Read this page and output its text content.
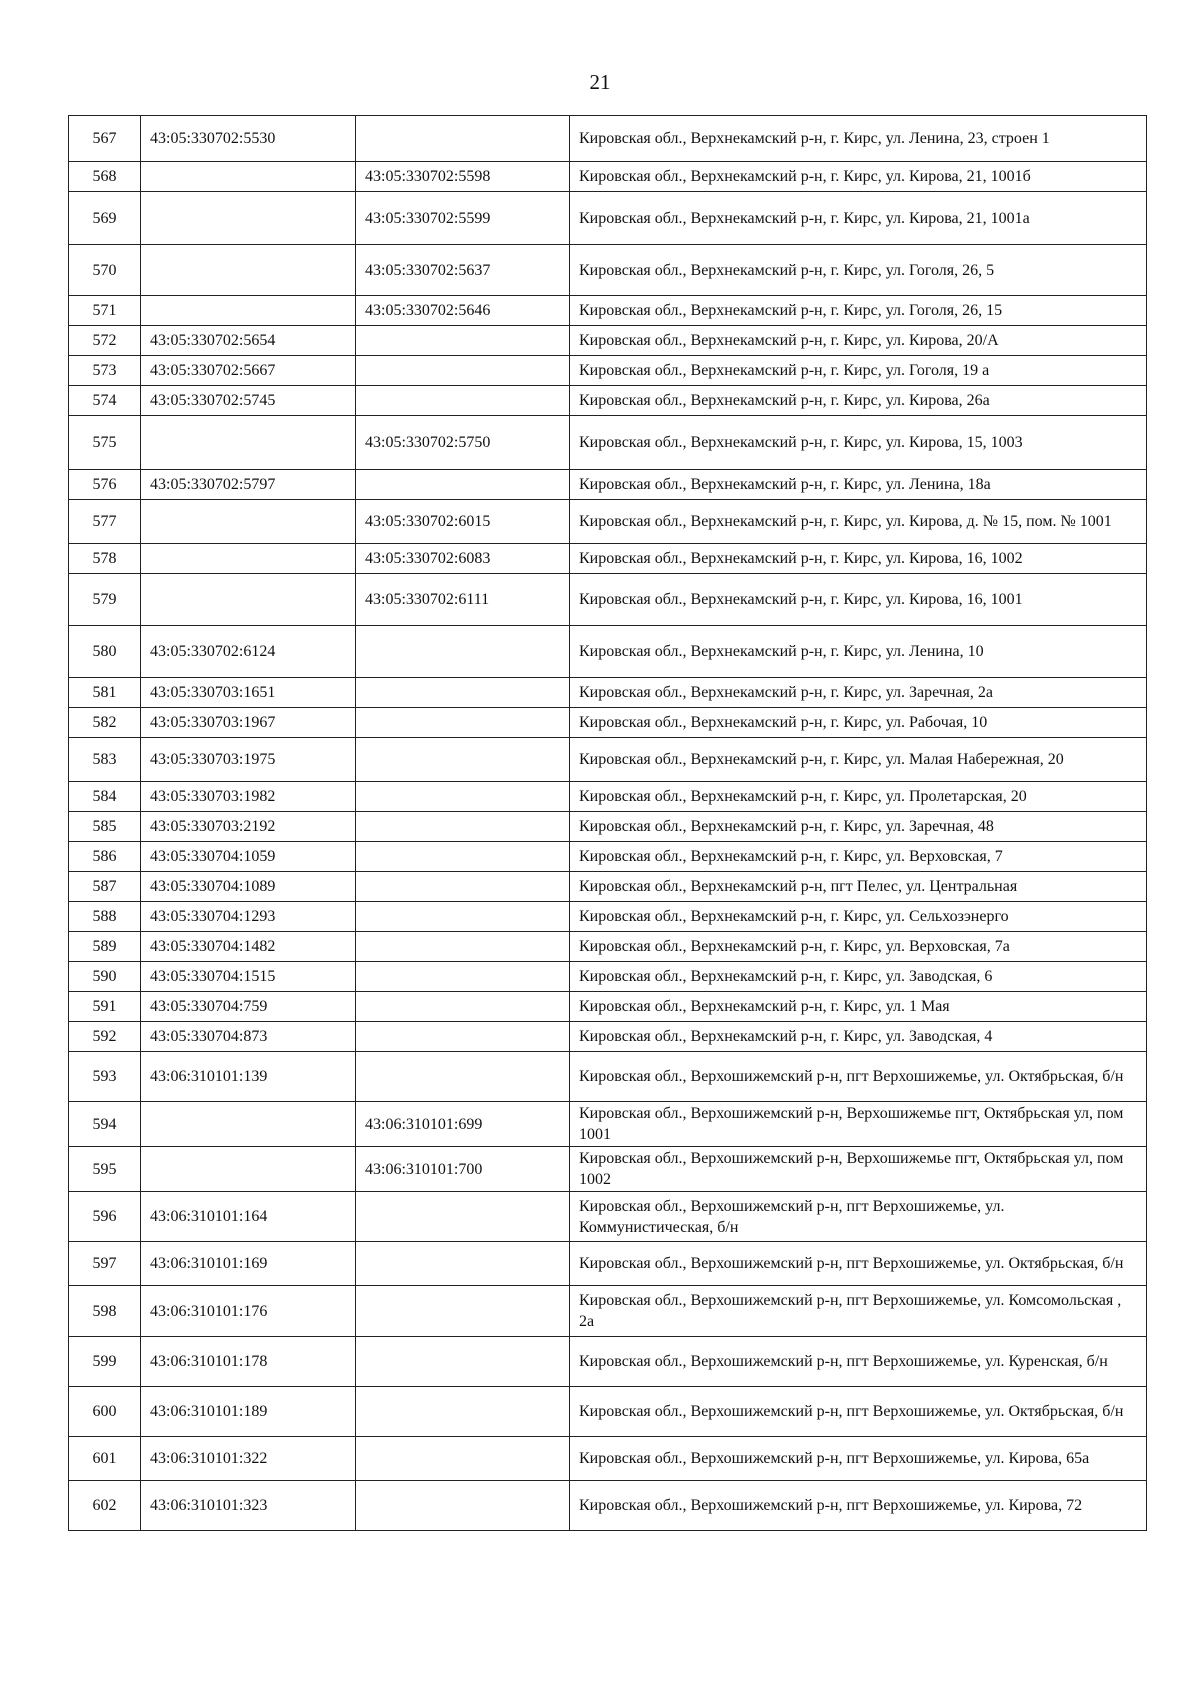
21
567	43:05:330702:5530		Кировская обл., Верхнекамский р-н, г. Кирс, ул. Ленина, 23, строен 1
568		43:05:330702:5598	Кировская обл., Верхнекамский р-н, г. Кирс, ул. Кирова, 21, 1001б
569		43:05:330702:5599	Кировская обл., Верхнекамский р-н, г. Кирс, ул. Кирова, 21, 1001а
570		43:05:330702:5637	Кировская обл., Верхнекамский р-н, г. Кирс, ул. Гоголя, 26, 5
571		43:05:330702:5646	Кировская обл., Верхнекамский р-н, г. Кирс, ул. Гоголя, 26, 15
572	43:05:330702:5654		Кировская обл., Верхнекамский р-н, г. Кирс, ул. Кирова, 20/А
573	43:05:330702:5667		Кировская обл., Верхнекамский р-н, г. Кирс, ул. Гоголя, 19 а
574	43:05:330702:5745		Кировская обл., Верхнекамский р-н, г. Кирс, ул. Кирова, 26а
575		43:05:330702:5750	Кировская обл., Верхнекамский р-н, г. Кирс, ул. Кирова, 15, 1003
576	43:05:330702:5797		Кировская обл., Верхнекамский р-н, г. Кирс, ул. Ленина, 18а
577		43:05:330702:6015	Кировская обл., Верхнекамский р-н, г. Кирс, ул. Кирова, д. № 15, пом. № 1001
578		43:05:330702:6083	Кировская обл., Верхнекамский р-н, г. Кирс, ул. Кирова, 16, 1002
579		43:05:330702:6111	Кировская обл., Верхнекамский р-н, г. Кирс, ул. Кирова, 16, 1001
580	43:05:330702:6124		Кировская обл., Верхнекамский р-н, г. Кирс, ул. Ленина, 10
581	43:05:330703:1651		Кировская обл., Верхнекамский р-н, г. Кирс, ул. Заречная, 2а
582	43:05:330703:1967		Кировская обл., Верхнекамский р-н, г. Кирс, ул. Рабочая, 10
583	43:05:330703:1975		Кировская обл., Верхнекамский р-н, г. Кирс, ул. Малая Набережная, 20
584	43:05:330703:1982		Кировская обл., Верхнекамский р-н, г. Кирс, ул. Пролетарская, 20
585	43:05:330703:2192		Кировская обл., Верхнекамский р-н, г. Кирс, ул. Заречная, 48
586	43:05:330704:1059		Кировская обл., Верхнекамский р-н, г. Кирс, ул. Верховская, 7
587	43:05:330704:1089		Кировская обл., Верхнекамский р-н, пгт Пелес, ул. Центральная
588	43:05:330704:1293		Кировская обл., Верхнекамский р-н, г. Кирс, ул. Сельхозэнерго
589	43:05:330704:1482		Кировская обл., Верхнекамский р-н, г. Кирс, ул. Верховская, 7а
590	43:05:330704:1515		Кировская обл., Верхнекамский р-н, г. Кирс, ул. Заводская, 6
591	43:05:330704:759		Кировская обл., Верхнекамский р-н, г. Кирс, ул. 1 Мая
592	43:05:330704:873		Кировская обл., Верхнекамский р-н, г. Кирс, ул. Заводская, 4
593	43:06:310101:139		Кировская обл., Верхошижемский р-н, пгт Верхошижемье, ул. Октябрьская, б/н
594		43:06:310101:699	Кировская обл., Верхошижемский р-н, Верхошижемье пгт, Октябрьская ул, пом 1001
595		43:06:310101:700	Кировская обл., Верхошижемский р-н, Верхошижемье пгт, Октябрьская ул, пом 1002
596	43:06:310101:164		Кировская обл., Верхошижемский р-н, пгт Верхошижемье, ул. Коммунистическая, б/н
597	43:06:310101:169		Кировская обл., Верхошижемский р-н, пгт Верхошижемье, ул. Октябрьская, б/н
598	43:06:310101:176		Кировская обл., Верхошижемский р-н, пгт Верхошижемье, ул. Комсомольская , 2а
599	43:06:310101:178		Кировская обл., Верхошижемский р-н, пгт Верхошижемье, ул. Куренская, б/н
600	43:06:310101:189		Кировская обл., Верхошижемский р-н, пгт Верхошижемье, ул. Октябрьская, б/н
601	43:06:310101:322		Кировская обл., Верхошижемский р-н, пгт Верхошижемье, ул. Кирова, 65а
602	43:06:310101:323		Кировская обл., Верхошижемский р-н, пгт Верхошижемье, ул. Кирова, 72
